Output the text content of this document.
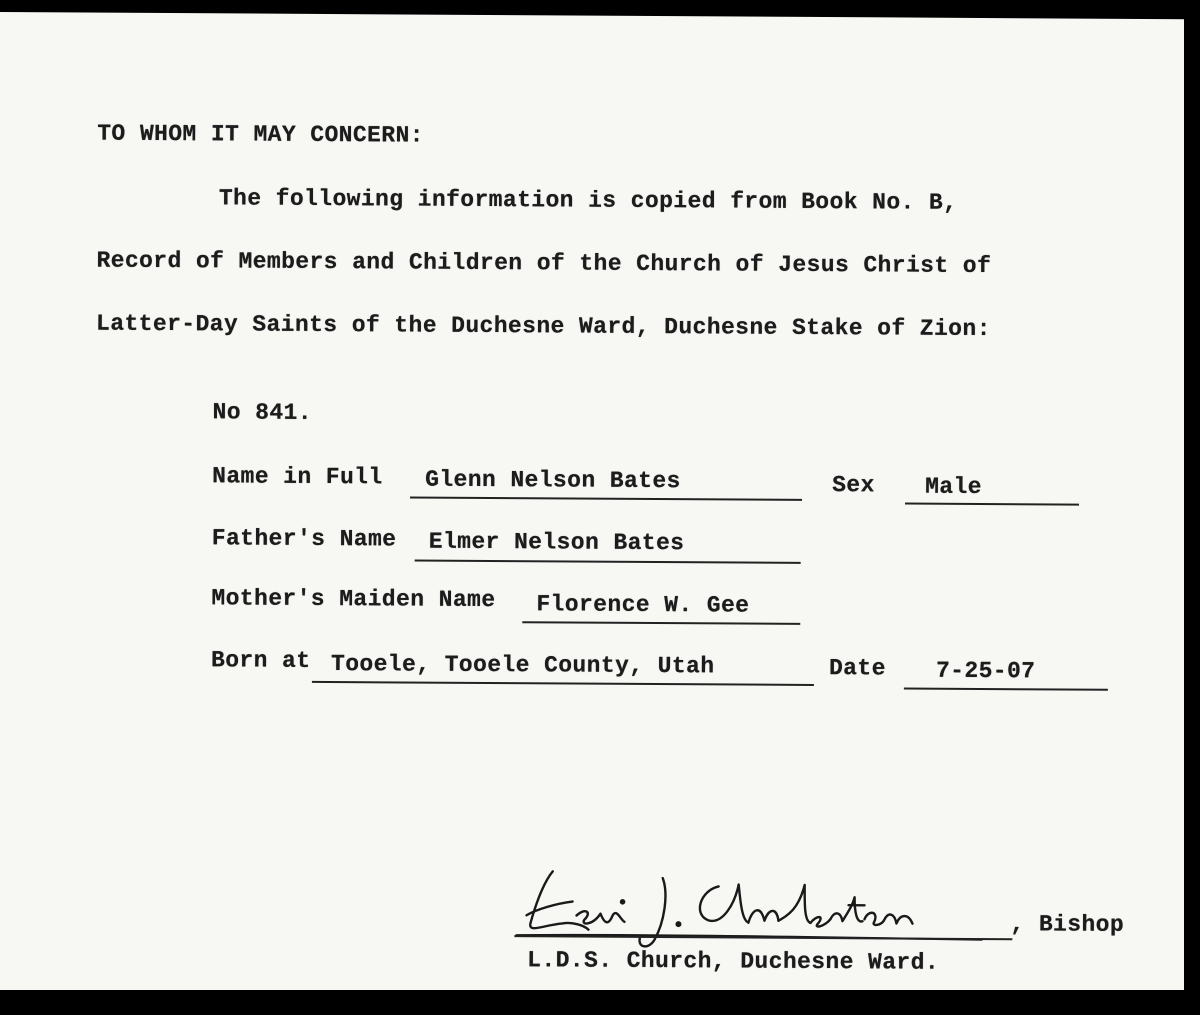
TO WHOM IT MAY CONCERN:
The following information is copied from Book No. B,
Record of Members and Children of the Church of Jesus Christ of
Latter-Day Saints of the Duchesne Ward, Duchesne Stake of Zion:
No 841.
Name in Full Glenn Nelson Bates	Sex Male
Father's Name Elmer Nelson Bates
Mother's Maiden Name Florence W. Gee
Born at Tooele, Tooele County, Utah	Date 7-25-07
, Bishop
L.D.S. Church, Duchesne Ward.
